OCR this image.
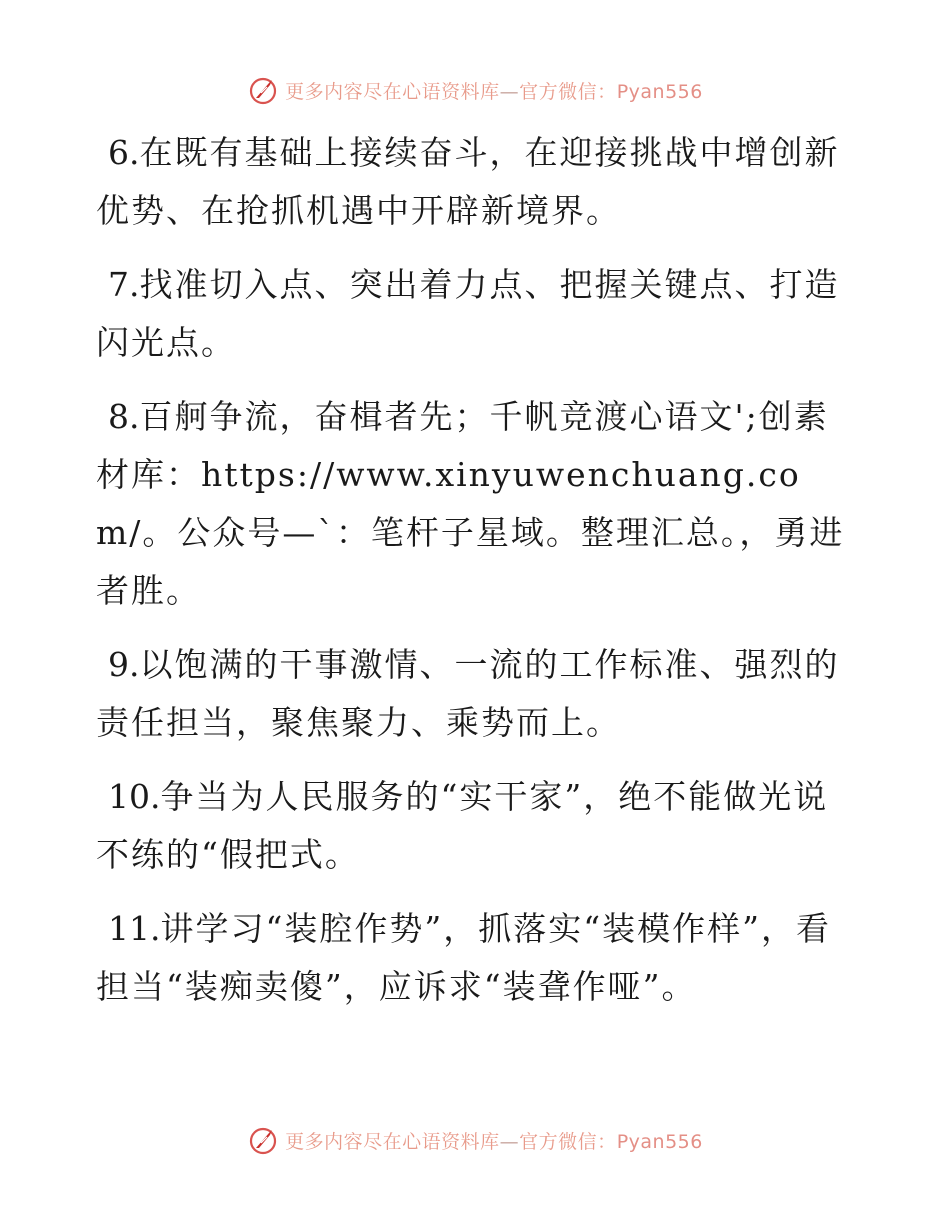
更多内容尽在心语资料库—官方微信：Pyan556

6.在既有基础上接续奋斗，在迎接挑战中增创新优势、在抢抓机遇中开辟新境界。

7.找准切入点、突出着力点、把握关键点、打造闪光点。

8.百舸争流，奋楫者先；千帆竞渡心语文';创素材库：https://www.xinyuwenchuang.com/。公众号—`：笔杆子星域。整理汇总。，勇进者胜。

9.以饱满的干事激情、一流的工作标准、强烈的责任担当，聚焦聚力、乘势而上。

10.争当为人民服务的“实干家”，绝不能做光说不练的“假把式。

11.讲学习“装腔作势”，抓落实“装模作样”，看担当“装痴卖傻”，应诉求“装聋作哑”。

更多内容尽在心语资料库—官方微信：Pyan556
